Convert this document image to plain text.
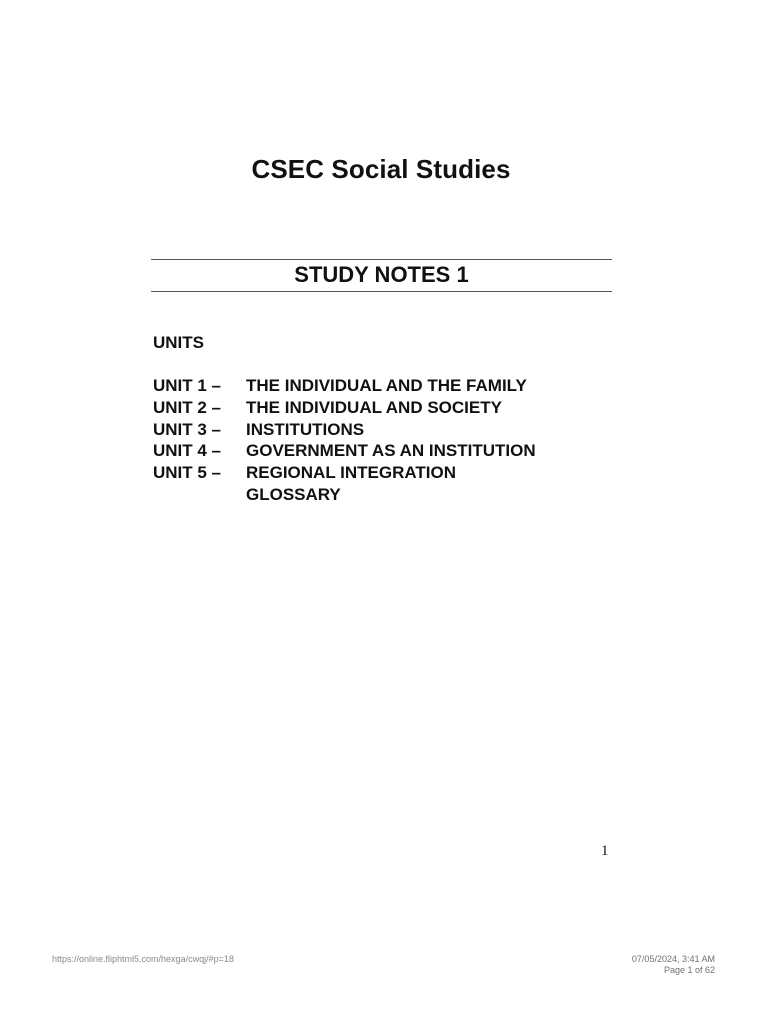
CSEC Social Studies
STUDY NOTES 1
UNITS
UNIT 1 – THE INDIVIDUAL AND THE FAMILY
UNIT 2 – THE INDIVIDUAL AND SOCIETY
UNIT 3 – INSTITUTIONS
UNIT 4 – GOVERNMENT AS AN INSTITUTION
UNIT 5 – REGIONAL INTEGRATION
GLOSSARY
1
https://online.fliphtml5.com/hexga/cwqj/#p=18	07/05/2024, 3:41 AM
Page 1 of 62
